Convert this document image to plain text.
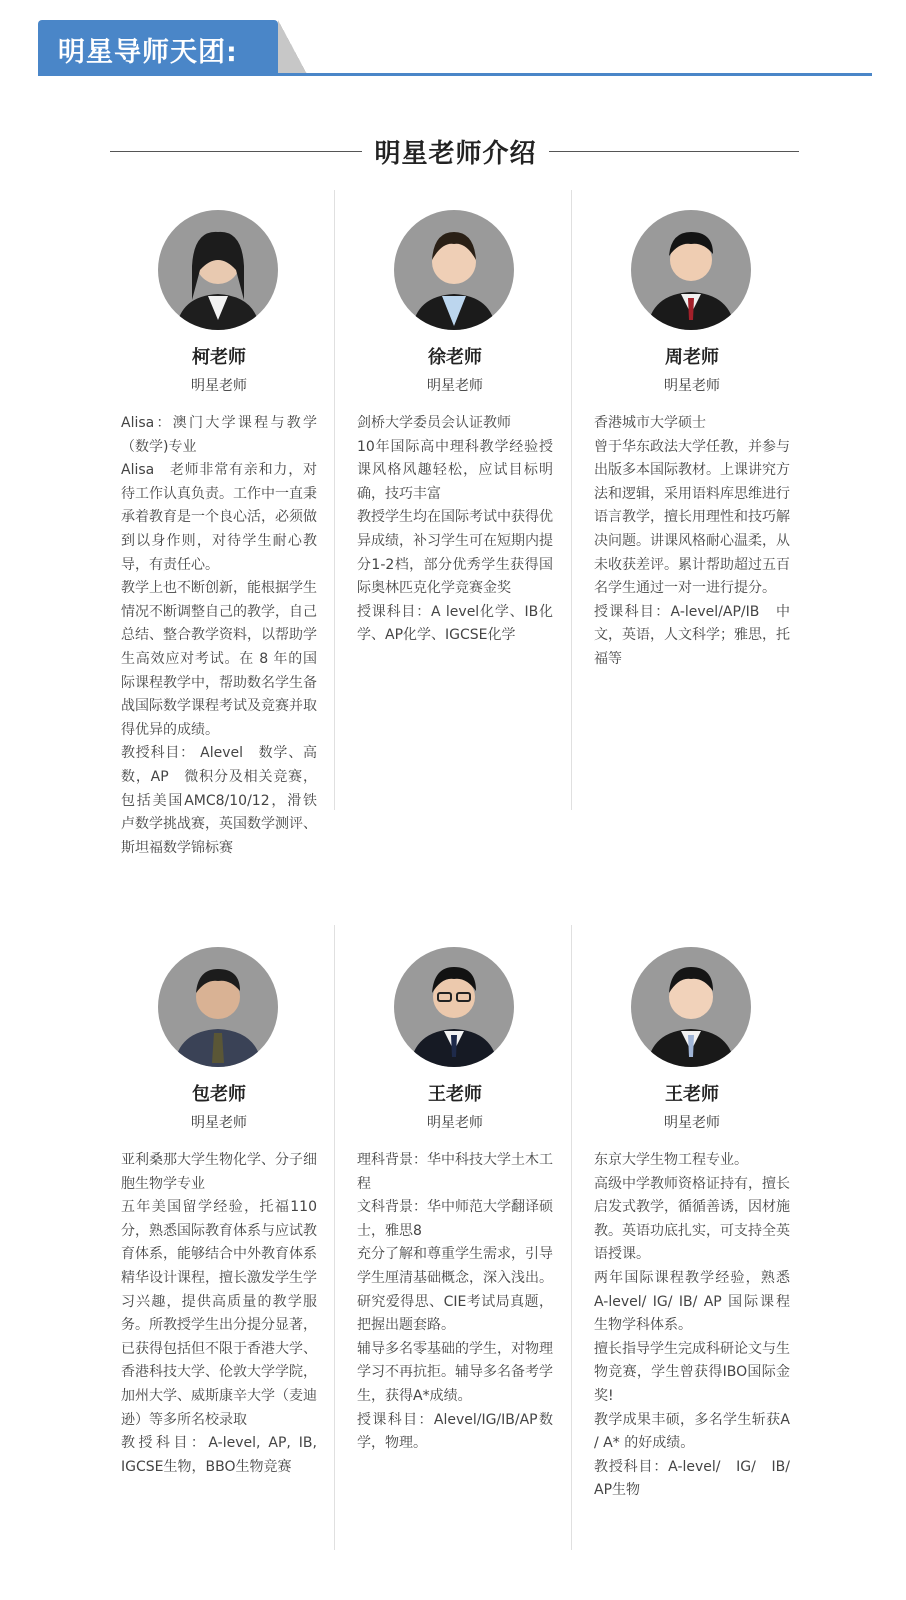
明星导师天团:
明星老师介绍
柯老师
明星老师

Alisa：澳门大学课程与教学（数学)专业

Alisa　老师非常有亲和力，对待工作认真负责。工作中一直秉承着教育是一个良心活，必须做到以身作则，对待学生耐心教导，有责任心。

教学上也不断创新，能根据学生情况不断调整自己的教学，自己总结、整合教学资料，以帮助学生高效应对考试。在 8 年的国际课程教学中，帮助数名学生备战国际数学课程考试及竞赛并取得优异的成绩。

教授科目： Alevel　数学、高数，AP　微积分及相关竞赛，包括美国AMC8/10/12，滑铁卢数学挑战赛，英国数学测评、斯坦福数学锦标赛

徐老师
明星老师

剑桥大学委员会认证教师

10年国际高中理科教学经验授课风格风趣轻松，应试目标明确，技巧丰富

教授学生均在国际考试中获得优异成绩，补习学生可在短期内提分1-2档，部分优秀学生获得国际奥林匹克化学竞赛金奖

授课科目：A level化学、IB化学、AP化学、IGCSE化学

周老师
明星老师

香港城市大学硕士

曾于华东政法大学任教，并参与出版多本国际教材。上课讲究方法和逻辑，采用语料库思维进行语言教学，擅长用理性和技巧解决问题。讲课风格耐心温柔，从未收获差评。累计帮助超过五百名学生通过一对一进行提分。

授课科目：A-level/AP/IB　中文，英语，人文科学；雅思，托福等

包老师
明星老师

亚利桑那大学生物化学、分子细胞生物学专业

五年美国留学经验，托福110分，熟悉国际教育体系与应试教育体系，能够结合中外教育体系精华设计课程，擅长激发学生学习兴趣，提供高质量的教学服务。所教授学生出分提分显著，已获得包括但不限于香港大学、香港科技大学、伦敦大学学院，加州大学、威斯康辛大学（麦迪逊）等多所名校录取

教授科目：A-level, AP, IB, IGCSE生物，BBO生物竞赛

王老师
明星老师

理科背景：华中科技大学土木工程

文科背景：华中师范大学翻译硕士，雅思8

充分了解和尊重学生需求，引导学生厘清基础概念，深入浅出。

研究爱得思、CIE考试局真题，把握出题套路。

辅导多名零基础的学生，对物理学习不再抗拒。辅导多名备考学生，获得A*成绩。

授课科目：Alevel/IG/IB/AP数学，物理。

王老师
明星老师

东京大学生物工程专业。

高级中学教师资格证持有，擅长启发式教学，循循善诱，因材施教。英语功底扎实，可支持全英语授课。

两年国际课程教学经验，熟悉A-level/ IG/ IB/ AP 国际课程生物学科体系。

擅长指导学生完成科研论文与生物竞赛，学生曾获得IBO国际金奖!

教学成果丰硕，多名学生斩获A / A* 的好成绩。

教授科目：A-level/　IG/　IB/ AP生物
